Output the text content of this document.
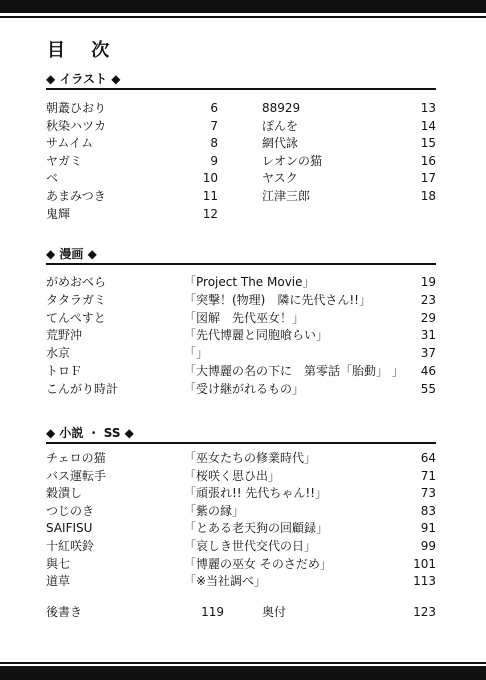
目 次
◆ イラスト ◆
朝叢ひおり	6
秋染ハツカ	7
サムイム	8
ヤガミ	9
ベ	10
あまみつき	11
鬼輝	12
88929	13
ぽんを	14
網代詠	15
レオンの猫	16
ヤスク	17
江津三郎	18
◆ 漫画 ◆
がめおべら	「Project The Movie」	19
タタラガミ	「突撃！(物理)　隣に先代さん!!」	23
てんぺすと	「図解　先代巫女！」	29
荒野沖	「先代博麗と同胞喰らい」	31
水京	「」	37
トロＦ	「大博麗の名の下に　第零話「胎動」 」	46
こんがり時計	「受け継がれるもの」	55
◆ 小説 ・ SS ◆
チェロの猫	「巫女たちの修業時代」	64
バス運転手	「桜咲く思ひ出」	71
穀潰し	「頑張れ!! 先代ちゃん!!」	73
つじのき	「紫の縁」	83
SAIFISU	「とある老天狗の回顧録」	91
十紅咲鈴	「哀しき世代交代の日」	99
與七	「博麗の巫女 そのさだめ」	101
道草	「※当社調べ」	113
後書き	119	奥付	123
